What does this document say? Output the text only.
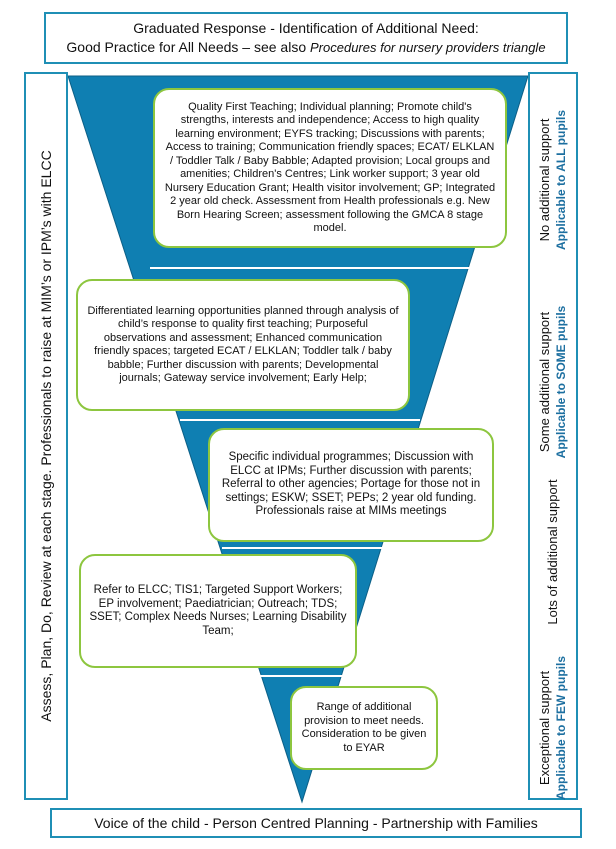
Graduated Response - Identification of Additional Need:
Good Practice for All Needs – see also Procedures for nursery providers triangle
Assess, Plan, Do, Review at each stage. Professionals to raise at MIM’s or IPM’s with ELCC	No additional support Applicable to ALL pupils
Some additional support Applicable to SOME pupils
Lots of additional support
Exceptional support Applicable to FEW pupils
Quality First Teaching; Individual planning; Promote child's strengths, interests and independence; Access to high quality learning environment; EYFS tracking; Discussions with parents; Access to training; Communication friendly spaces; ECAT/ ELKLAN / Toddler Talk / Baby Babble; Adapted provision; Local groups and amenities; Children's Centres; Link worker support; 3 year old Nursery Education Grant; Health visitor involvement; GP; Integrated 2 year old check. Assessment from Health professionals e.g. New Born Hearing Screen; assessment following the GMCA 8 stage model.
Differentiated learning opportunities planned through analysis of child’s response to quality first teaching; Purposeful observations and assessment; Enhanced communication friendly spaces; targeted ECAT / ELKLAN; Toddler talk / baby babble; Further discussion with parents; Developmental journals; Gateway service involvement; Early Help;
Specific individual programmes; Discussion with ELCC at IPMs; Further discussion with parents; Referral to other agencies; Portage for those not in settings; ESKW; SSET; PEPs; 2 year old funding. Professionals raise at MIMs meetings
Refer to ELCC; TIS1; Targeted Support Workers; EP involvement; Paediatrician; Outreach; TDS; SSET; Complex Needs Nurses; Learning Disability Team;
Range of additional provision to meet needs. Consideration to be given to EYAR
Voice of the child - Person Centred Planning - Partnership with Families
